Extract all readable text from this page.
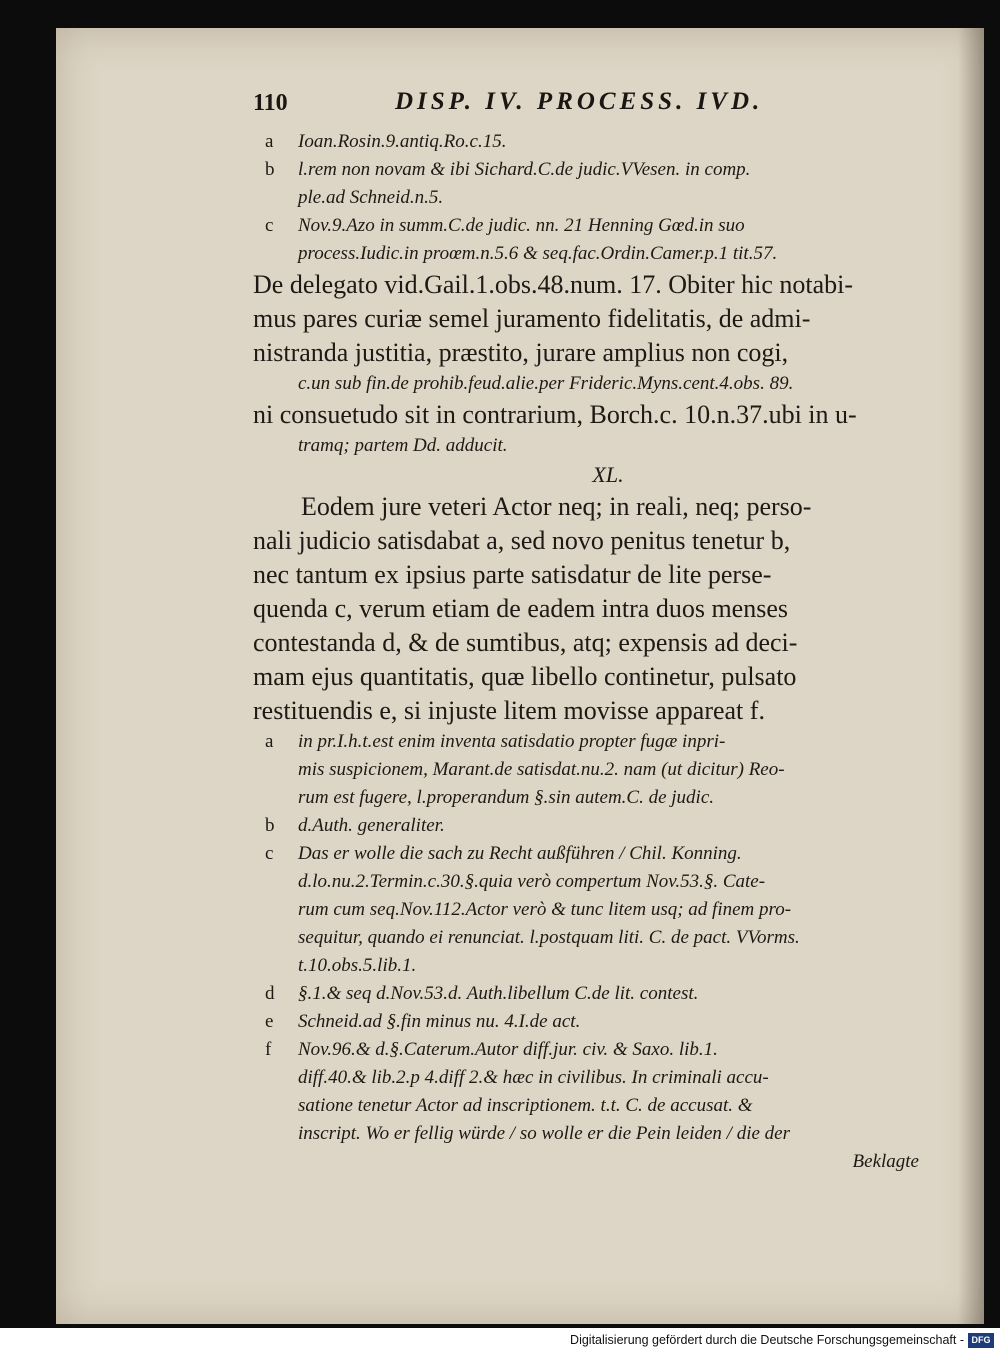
110	DISP. IV. PROCESS. IVD.
a Ioan.Rosin.9.antiq.Ro.c.15.
b l.rem non novam & ibi Sichard.C.de judic.VVesen. in comp.
ple.ad Schneid.n.5.
c Nov.9.Azo in summ.C.de judic. nn. 21 Henning Gœd.in suo
process.Iudic.in proœm.n.5.6 & seq.fac.Ordin.Camer.p.1 tit.57.
De delegato vid.Gail.1.obs.48.num. 17. Obiter hic notabi-
mus pares curiæ semel juramento fidelitatis, de admi-
nistranda justitia, præstito, jurare amplius non cogi,
c.un sub fin.de prohib.feud.alie.per Frideric.Myns.cent.4.obs. 89.
ni consuetudo sit in contrarium, Borch.c. 10.n.37.ubi in u-
tramq; partem Dd. adducit.
XL.
Eodem jure veteri Actor neq; in reali, neq; perso-
nali judicio satisdabat a, sed novo penitus tenetur b,
nec tantum ex ipsius parte satisdatur de lite perse-
quenda c, verum etiam de eadem intra duos menses
contestanda d, & de sumtibus, atq; expensis ad deci-
mam ejus quantitatis, quæ libello continetur, pulsato
restituendis e, si injuste litem movisse appareat f.
a in pr.I.h.t.est enim inventa satisdatio propter fugæ inpri-
mis suspicionem, Marant.de satisdat.nu.2. nam (ut dicitur) Reo-
rum est fugere, l.properandum §.sin autem.C. de judic.
b d.Auth. generaliter.
c Das er wolle die sach zu Recht außführen / Chil. Konning.
d.lo.nu.2.Termin.c.30.§.quia verò compertum Nov.53.§. Cate-
rum cum seq.Nov.112.Actor verò & tunc litem usq; ad finem pro-
sequitur, quando ei renunciat. l.postquam liti. C. de pact. VVorms.
t.10.obs.5.lib.1.
d §.1.& seq d.Nov.53.d. Auth.libellum C.de lit. contest.
e Schneid.ad §.fin minus nu. 4.I.de act.
f Nov.96.& d.§.Caterum.Autor diff.jur. civ. & Saxo. lib.1.
diff.40.& lib.2.p 4.diff 2.& hæc in civilibus. In criminali accu-
satione tenetur Actor ad inscriptionem. t.t. C. de accusat. &
inscript. Wo er fellig würde / so wolle er die Pein leiden / die der
Beklagte
Digitalisierung gefördert durch die Deutsche Forschungsgemeinschaft - DFG
